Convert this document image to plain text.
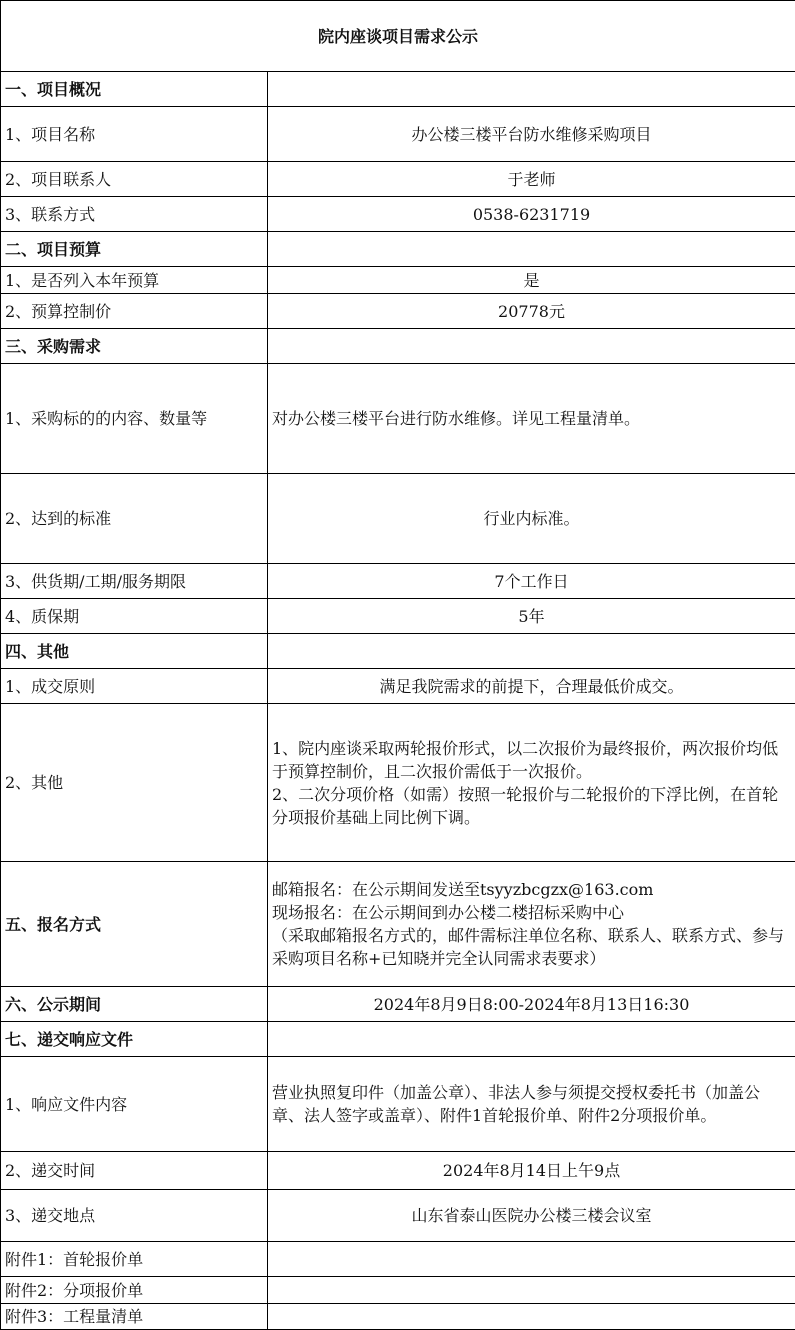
院内座谈项目需求公示	
一、项目概况	
1、项目名称	办公楼三楼平台防水维修采购项目
2、项目联系人	于老师
3、联系方式	0538-6231719
二、项目预算	
1、是否列入本年预算	是
2、预算控制价	20778元
三、采购需求	
1、采购标的的内容、数量等	对办公楼三楼平台进行防水维修。详见工程量清单。
2、达到的标准	行业内标准。
3、供货期/工期/服务期限	7个工作日
4、质保期	5年
四、其他	
1、成交原则	满足我院需求的前提下，合理最低价成交。
2、其他	1、院内座谈采取两轮报价形式，以二次报价为最终报价，两次报价均低于预算控制价，且二次报价需低于一次报价。
2、二次分项价格（如需）按照一轮报价与二轮报价的下浮比例，在首轮分项报价基础上同比例下调。

五、报名方式	邮箱报名：在公示期间发送至tsyyzbcgzx@163.com
现场报名：在公示期间到办公楼二楼招标采购中心
（采取邮箱报名方式的，邮件需标注单位名称、联系人、联系方式、参与采购项目名称+已知晓并完全认同需求表要求）

六、公示期间	2024年8月9日8:00-2024年8月13日16:30
七、递交响应文件	
1、响应文件内容	营业执照复印件（加盖公章）、非法人参与须提交授权委托书（加盖公章、法人签字或盖章）、附件1首轮报价单、附件2分项报价单。
2、递交时间	2024年8月14日上午9点
3、递交地点	山东省泰山医院办公楼三楼会议室
附件1：首轮报价单	
附件2：分项报价单	
附件3：工程量清单	
